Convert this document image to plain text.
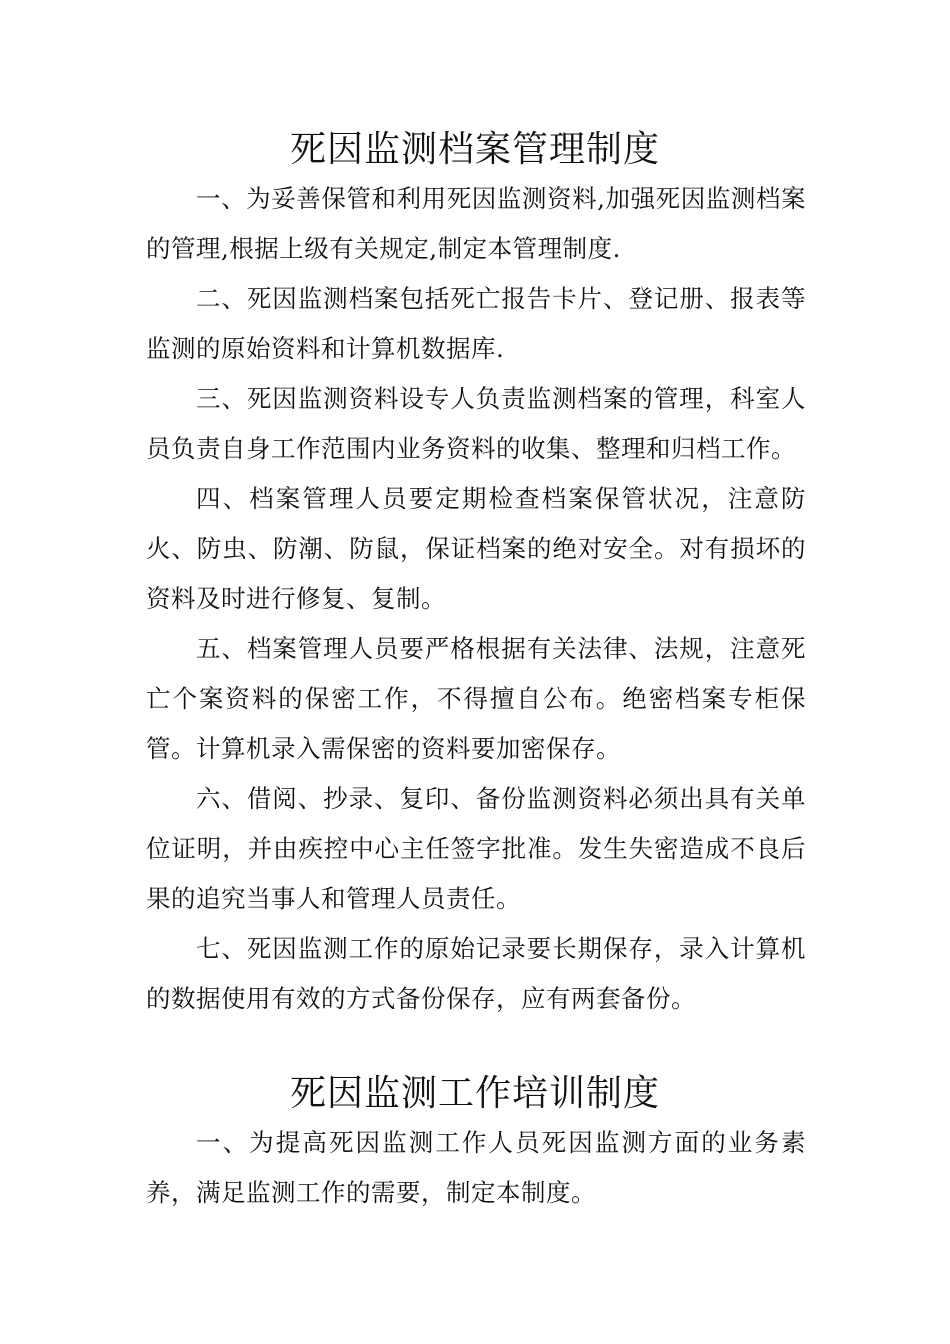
死因监测档案管理制度

一、为妥善保管和利用死因监测资料,加强死因监测档案的管理,根据上级有关规定,制定本管理制度.

二、死因监测档案包括死亡报告卡片、登记册、报表等监测的原始资料和计算机数据库.

三、死因监测资料设专人负责监测档案的管理，科室人员负责自身工作范围内业务资料的收集、整理和归档工作。

四、档案管理人员要定期检查档案保管状况，注意防火、防虫、防潮、防鼠，保证档案的绝对安全。对有损坏的资料及时进行修复、复制。

五、档案管理人员要严格根据有关法律、法规，注意死亡个案资料的保密工作，不得擅自公布。绝密档案专柜保管。计算机录入需保密的资料要加密保存。

六、借阅、抄录、复印、备份监测资料必须出具有关单位证明，并由疾控中心主任签字批准。发生失密造成不良后果的追究当事人和管理人员责任。

七、死因监测工作的原始记录要长期保存，录入计算机的数据使用有效的方式备份保存，应有两套备份。

死因监测工作培训制度

一、为提高死因监测工作人员死因监测方面的业务素养，满足监测工作的需要，制定本制度。
